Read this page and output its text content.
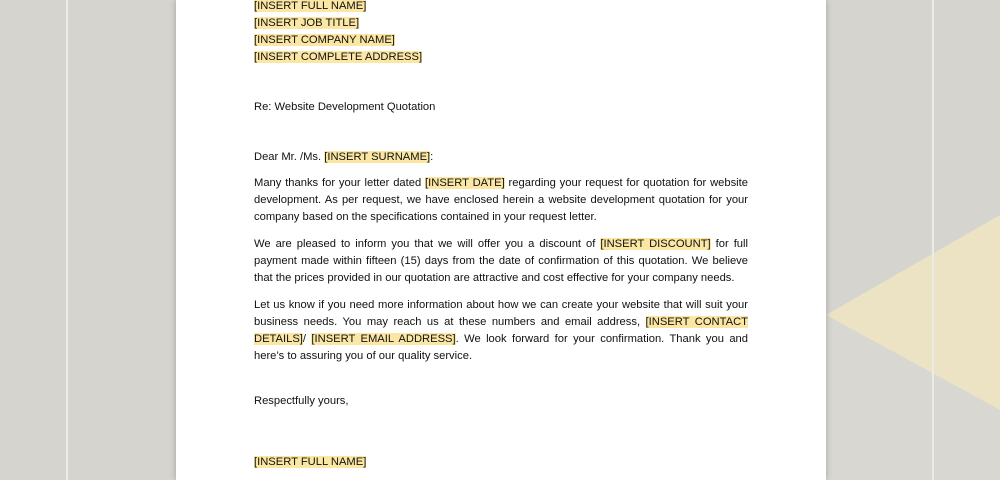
[INSERT FULL NAME]
[INSERT JOB TITLE]
[INSERT COMPANY NAME]
[INSERT COMPLETE ADDRESS]

Re: Website Development Quotation

Dear Mr. /Ms. [INSERT SURNAME]:

Many thanks for your letter dated [INSERT DATE] regarding your request for quotation for website development. As per request, we have enclosed herein a website development quotation for your company based on the specifications contained in your request letter.

We are pleased to inform you that we will offer you a discount of [INSERT DISCOUNT] for full payment made within fifteen (15) days from the date of confirmation of this quotation. We believe that the prices provided in our quotation are attractive and cost effective for your company needs.

Let us know if you need more information about how we can create your website that will suit your business needs. You may reach us at these numbers and email address, [INSERT CONTACT DETAILS]/ [INSERT EMAIL ADDRESS]. We look forward for your confirmation. Thank you and here’s to assuring you of our quality service.

Respectfully yours,

[INSERT FULL NAME]
